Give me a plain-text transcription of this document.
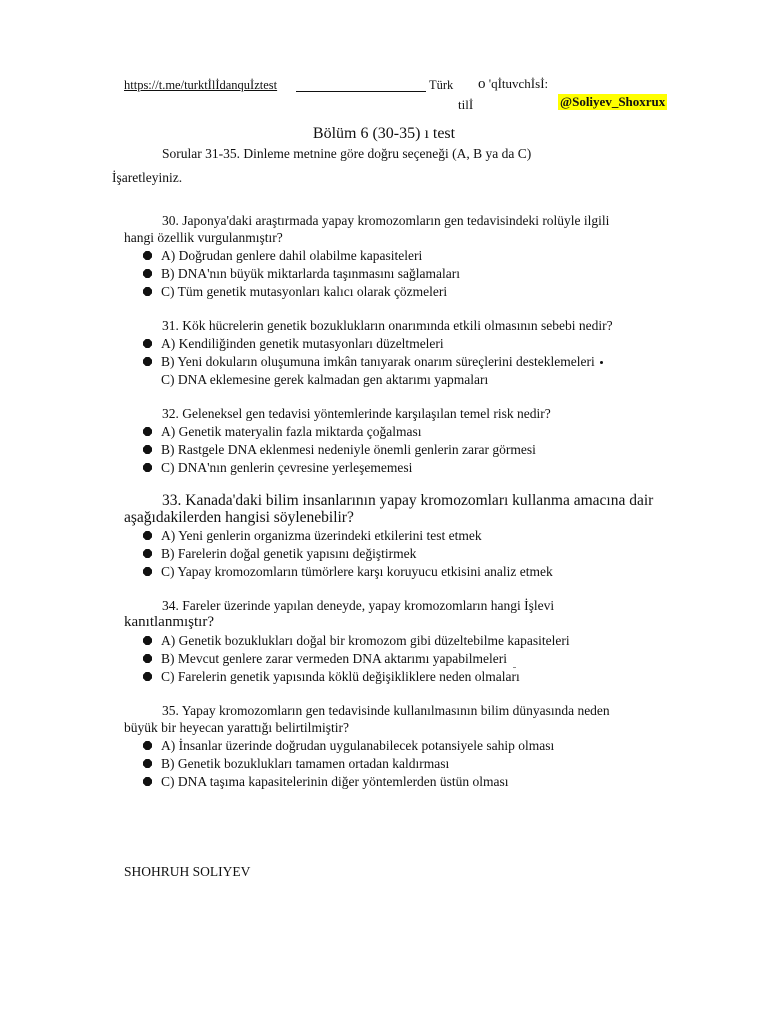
https://t.me/turktİlİdanquİztest	Türk o 'qİtuvchİsİ:
tilİ	@Soliyev_Shoxrux
Bölüm 6 (30-35) ı test
Sorular 31-35. Dinleme metnine göre doğru seçeneği (A, B ya da C)
İşaretleyiniz.

30. Japonya'daki araştırmada yapay kromozomların gen tedavisindeki rolüyle ilgili

hangi özellik vurgulanmıştır?

A) Doğrudan genlere dahil olabilme kapasiteleri
B) DNA'nın büyük miktarlarda taşınmasını sağlamaları
C) Tüm genetik mutasyonları kalıcı olarak çözmeleri

31. Kök hücrelerin genetik bozuklukların onarımında etkili olmasının sebebi nedir?

A) Kendiliğinden genetik mutasyonları düzeltmeleri
B) Yeni dokuların oluşumuna imkân tanıyarak onarım süreçlerini desteklemeleri
C) DNA eklemesine gerek kalmadan gen aktarımı yapmaları

32. Geleneksel gen tedavisi yöntemlerinde karşılaşılan temel risk nedir?

A) Genetik materyalin fazla miktarda çoğalması
B) Rastgele DNA eklenmesi nedeniyle önemli genlerin zarar görmesi
C) DNA'nın genlerin çevresine yerleşememesi

33. Kanada'daki bilim insanlarının yapay kromozomları kullanma amacına dair

aşağıdakilerden hangisi söylenebilir?

A) Yeni genlerin organizma üzerindeki etkilerini test etmek
B) Farelerin doğal genetik yapısını değiştirmek
C) Yapay kromozomların tümörlere karşı koruyucu etkisini analiz etmek

34. Fareler üzerinde yapılan deneyde, yapay kromozomların hangi İşlevi

kanıtlanmıştır?

A) Genetik bozuklukları doğal bir kromozom gibi düzeltebilme kapasiteleri
B) Mevcut genlere zarar vermeden DNA aktarımı yapabilmeleri
C) Farelerin genetik yapısında köklü değişikliklere neden olmaları

35. Yapay kromozomların gen tedavisinde kullanılmasının bilim dünyasında neden

büyük bir heyecan yarattığı belirtilmiştir?

A) İnsanlar üzerinde doğrudan uygulanabilecek potansiyele sahip olması
B) Genetik bozuklukları tamamen ortadan kaldırması
C) DNA taşıma kapasitelerinin diğer yöntemlerden üstün olması
SHOHRUH SOLIYEV
